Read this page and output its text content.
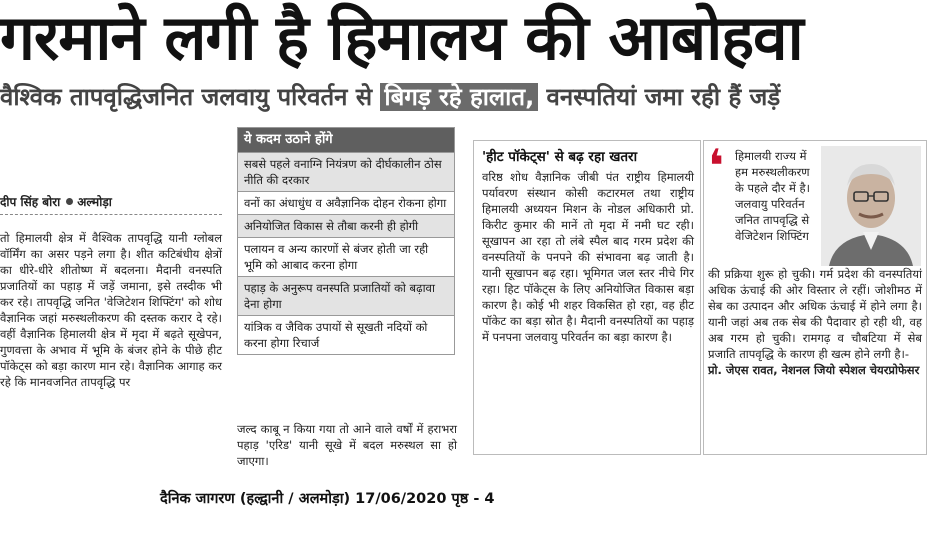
गरमाने लगी है हिमालय की आबोहवा
वैश्विक तापवृद्धिजनित जलवायु परिवर्तन से बिगड़ रहे हालात, वनस्पतियां जमा रही हैं जड़ें
दीप सिंह बोरा अल्मोड़ा
तो हिमालयी क्षेत्र में वैश्विक तापवृद्धि यानी ग्लोबल वॉर्मिंग का असर पड़ने लगा है। शीत कटिबंधीय क्षेत्रों का धीरे-धीरे शीतोष्ण में बदलना। मैदानी वनस्पति प्रजातियों का पहाड़ में जड़ें जमाना, इसे तस्दीक भी कर रहे। तापवृद्धि जनित 'वेजिटेशन शिफ्टिंग' को शोध वैज्ञानिक जहां मरुस्थलीकरण की दस्तक करार दे रहे। वहीं वैज्ञानिक हिमालयी क्षेत्र में मृदा में बढ़ते सूखेपन, गुणवत्ता के अभाव में भूमि के बंजर होने के पीछे हीट पॉकेट्स को बड़ा कारण मान रहे। वैज्ञानिक आगाह कर रहे कि मानवजनित तापवृद्धि पर
ये कदम उठाने होंगे
सबसे पहले वनाग्नि नियंत्रण को दीर्घकालीन ठोस नीति की दरकार
वनों का अंधाधुंध व अवैज्ञानिक दोहन रोकना होगा
अनियोजित विकास से तौबा करनी ही होगी
पलायन व अन्य कारणों से बंजर होती जा रही भूमि को आबाद करना होगा
पहाड़ के अनुरूप वनस्पति प्रजातियों को बढ़ावा देना होगा
यांत्रिक व जैविक उपायों से सूखती नदियों को करना होगा रिचार्ज
जल्द काबू न किया गया तो आने वाले वर्षों में हराभरा पहाड़ 'एरिड' यानी सूखे में बदल मरुस्थल सा हो जाएगा।
'हीट पॉकेट्स' से बढ़ रहा खतरा
वरिष्ठ शोध वैज्ञानिक जीबी पंत राष्ट्रीय हिमालयी पर्यावरण संस्थान कोसी कटारमल तथा राष्ट्रीय हिमालयी अध्ययन मिशन के नोडल अधिकारी प्रो. किरीट कुमार की मानें तो मृदा में नमी घट रही। सूखापन आ रहा तो लंबे स्पैल बाद गरम प्रदेश की वनस्पतियों के पनपने की संभावना बढ़ जाती है। यानी सूखापन बढ़ रहा। भूमिगत जल स्तर नीचे गिर रहा। हिट पॉकेट्स के लिए अनियोजित विकास बड़ा कारण है। कोई भी शहर विकसित हो रहा, वह हीट पॉकेट का बड़ा स्रोत है। मैदानी वनस्पतियों का पहाड़ में पनपना जलवायु परिवर्तन का बड़ा कारण है।
❛ हिमालयी राज्य में हम मरुस्थलीकरण के पहले दौर में है। जलवायु परिवर्तन जनित तापवृद्धि से वेजिटेशन शिफ्टिंग
की प्रक्रिया शुरू हो चुकी। गर्म प्रदेश की वनस्पतियां अधिक ऊंचाई की ओर विस्तार ले रहीं। जोशीमठ में सेब का उत्पादन और अधिक ऊंचाई में होने लगा है। यानी जहां अब तक सेब की पैदावार हो रही थी, वह अब गरम हो चुकी। रामगढ़ व चौबटिया में सेब प्रजाति तापवृद्धि के कारण ही खत्म होने लगी है।-
प्रो. जेएस रावत, नेशनल जियो स्पेशल चेयरप्रोफेसर
दैनिक जागरण (हल्द्वानी / अलमोड़ा) 17/06/2020 पृष्ठ - 4
